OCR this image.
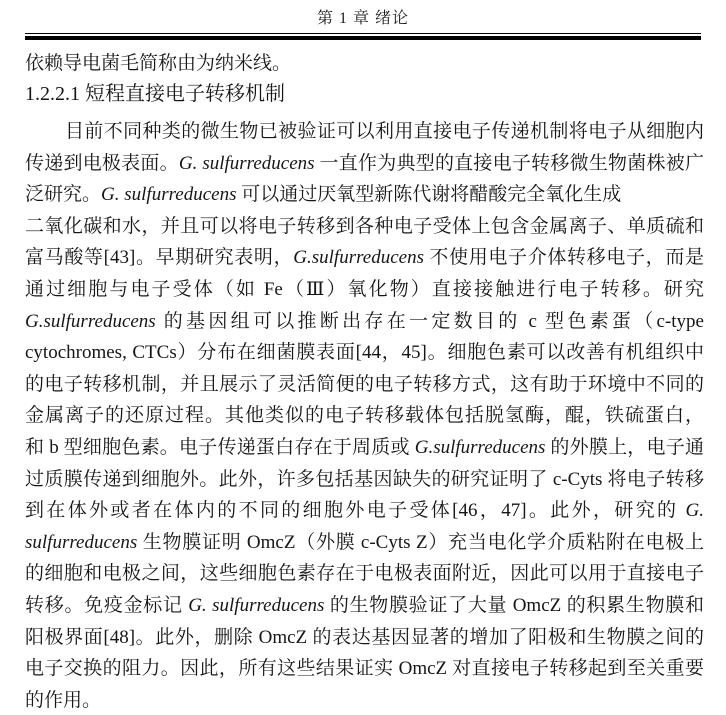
第 1 章 绪论
依赖导电菌毛简称由为纳米线。
1.2.2.1 短程直接电子转移机制
目前不同种类的微生物已被验证可以利用直接电子传递机制将电子从细胞内
传递到电极表面。G. sulfurreducens 一直作为典型的直接电子转移微生物菌株被广
泛研究。G. sulfurreducens 可以通过厌氧型新陈代谢将醋酸完全氧化生成
二氧化碳和水，并且可以将电子转移到各种电子受体上包含金属离子、单质硫和
富马酸等[43]。早期研究表明，G.sulfurreducens 不使用电子介体转移电子，而是
通过细胞与电子受体（如 Fe（Ⅲ）氧化物）直接接触进行电子转移。研究
G.sulfurreducens 的基因组可以推断出存在一定数目的 c 型色素蛋（c-type
cytochromes, CTCs）分布在细菌膜表面[44，45]。细胞色素可以改善有机组织中
的电子转移机制，并且展示了灵活简便的电子转移方式，这有助于环境中不同的
金属离子的还原过程。其他类似的电子转移载体包括脱氢酶，醌，铁硫蛋白，
和 b 型细胞色素。电子传递蛋白存在于周质或 G.sulfurreducens 的外膜上，电子通
过质膜传递到细胞外。此外，许多包括基因缺失的研究证明了 c-Cyts 将电子转移
到在体外或者在体内的不同的细胞外电子受体[46，47]。此外，研究的 G.
sulfurreducens 生物膜证明 OmcZ（外膜 c-Cyts Z）充当电化学介质粘附在电极上
的细胞和电极之间，这些细胞色素存在于电极表面附近，因此可以用于直接电子
转移。免疫金标记 G. sulfurreducens 的生物膜验证了大量 OmcZ 的积累生物膜和
阳极界面[48]。此外，删除 OmcZ 的表达基因显著的增加了阳极和生物膜之间的
电子交换的阻力。因此，所有这些结果证实 OmcZ 对直接电子转移起到至关重要
的作用。
